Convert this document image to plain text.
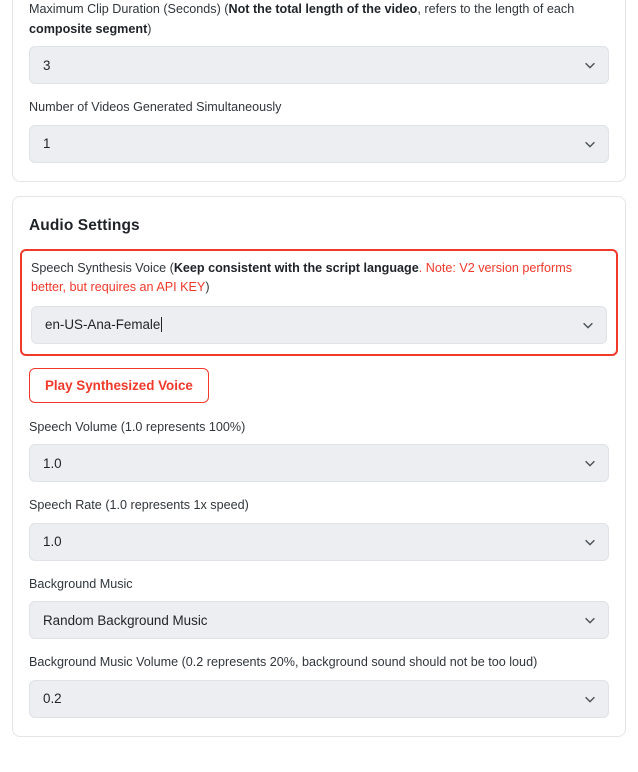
Maximum Clip Duration (Seconds) (Not the total length of the video, refers to the length of each composite segment)
3
Number of Videos Generated Simultaneously
1
Audio Settings
Speech Synthesis Voice (Keep consistent with the script language. Note: V2 version performs better, but requires an API KEY)
en-US-Ana-Female
Play Synthesized Voice
Speech Volume (1.0 represents 100%)
1.0
Speech Rate (1.0 represents 1x speed)
1.0
Background Music
Random Background Music
Background Music Volume (0.2 represents 20%, background sound should not be too loud)
0.2
